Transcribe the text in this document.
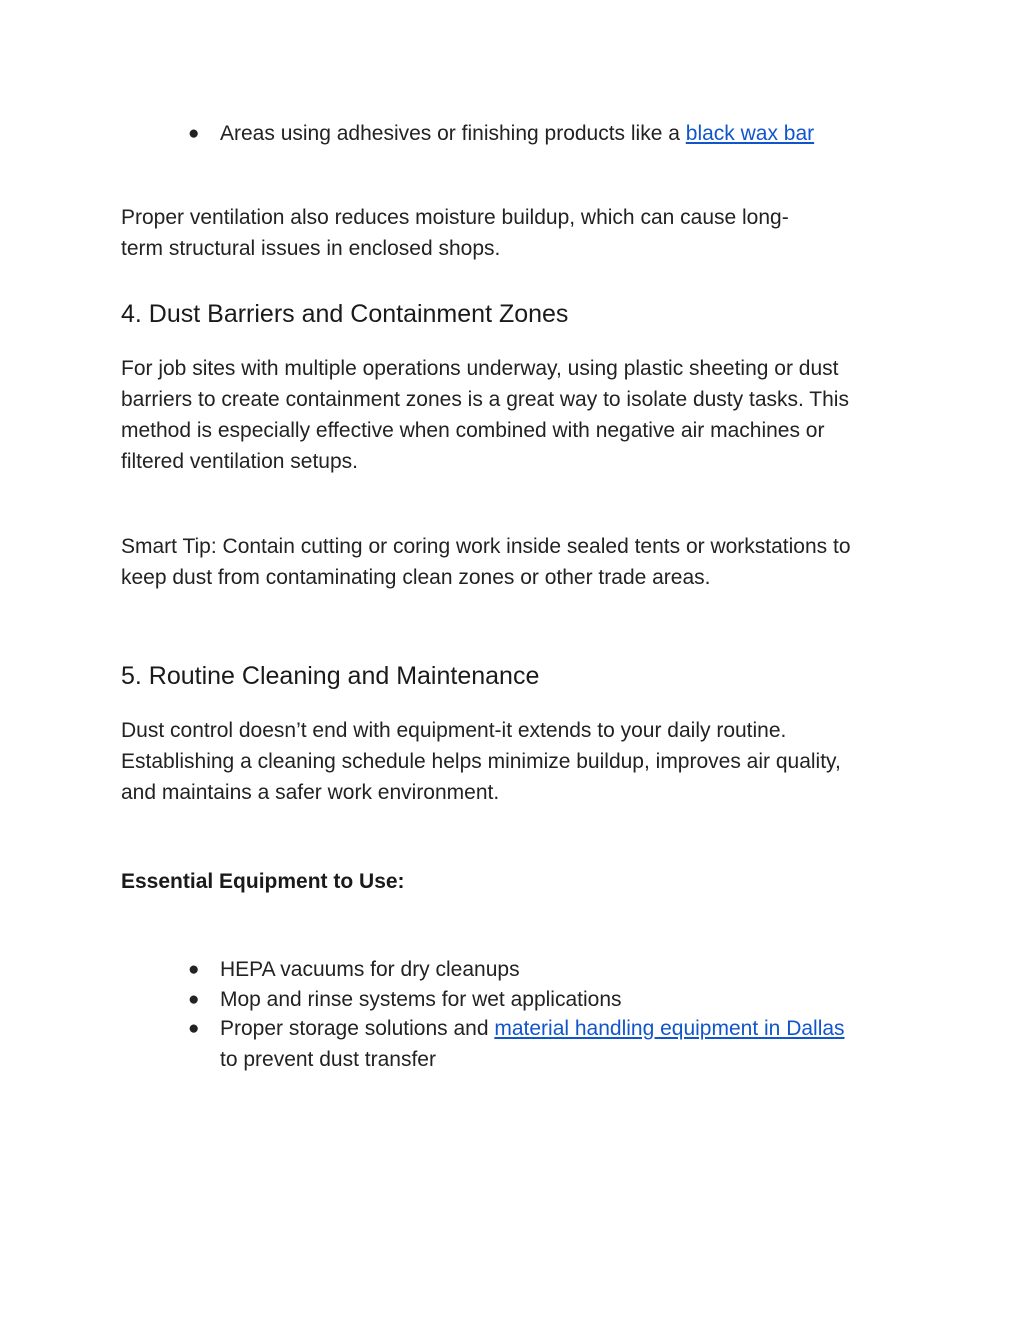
● Areas using adhesives or finishing products like a black wax bar

Proper ventilation also reduces moisture buildup, which can cause long-term structural issues in enclosed shops.

4. Dust Barriers and Containment Zones

For job sites with multiple operations underway, using plastic sheeting or dust barriers to create containment zones is a great way to isolate dusty tasks. This method is especially effective when combined with negative air machines or filtered ventilation setups.

Smart Tip: Contain cutting or coring work inside sealed tents or workstations to keep dust from contaminating clean zones or other trade areas.

5. Routine Cleaning and Maintenance

Dust control doesn’t end with equipment-it extends to your daily routine. Establishing a cleaning schedule helps minimize buildup, improves air quality, and maintains a safer work environment.

Essential Equipment to Use:
● HEPA vacuums for dry cleanups
● Mop and rinse systems for wet applications
● Proper storage solutions and material handling equipment in Dallas to prevent dust transfer
